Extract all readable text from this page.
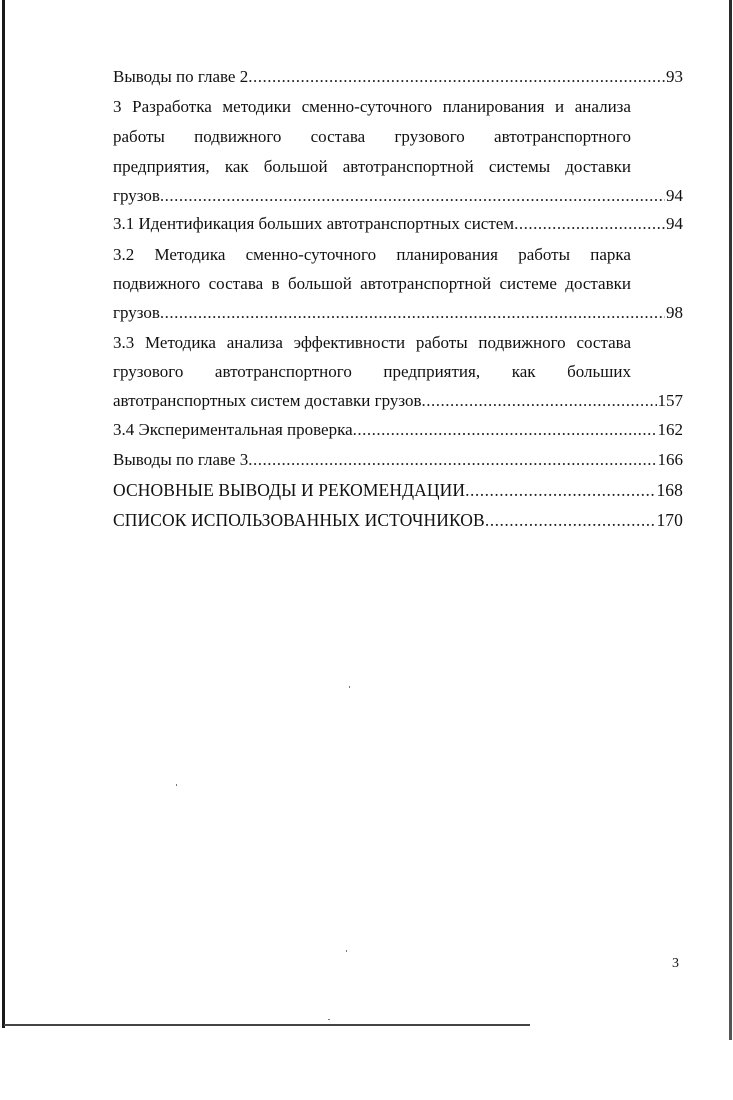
Выводы по главе 2 .....	93
3 Разработка методики сменно-суточного планирования и анализа
работы подвижного состава грузового автотранспортного
предприятия, как большой автотранспортной системы доставки
грузов .....	94
3.1 Идентификация больших автотранспортных систем .....	94
3.2 Методика сменно-суточного планирования работы парка
подвижного состава в большой автотранспортной системе доставки
грузов .....	98
3.3 Методика анализа эффективности работы подвижного состава
грузового автотранспортного предприятия, как больших
автотранспортных систем доставки грузов .....	157
3.4 Экспериментальная проверка .....	162
Выводы по главе 3 .....	166
ОСНОВНЫЕ ВЫВОДЫ И РЕКОМЕНДАЦИИ .....	168
СПИСОК ИСПОЛЬЗОВАННЫХ ИСТОЧНИКОВ .....	170
3
